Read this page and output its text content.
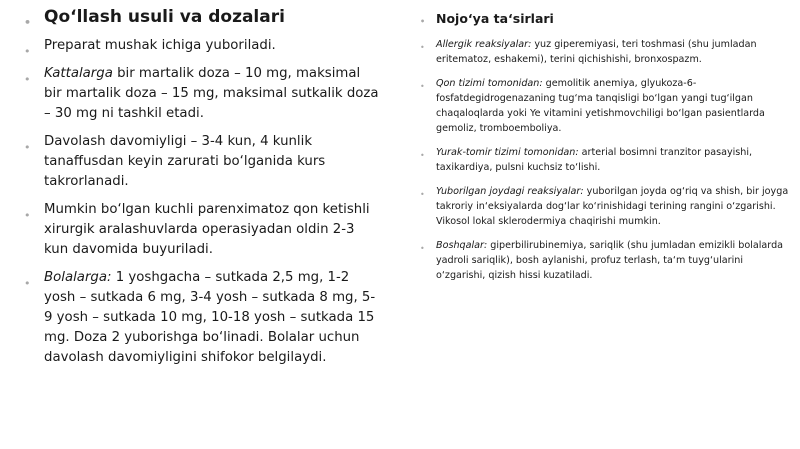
• Qo‘llash usuli va dozalari

• Preparat mushak ichiga yuboriladi.

• Kattalarga bir martalik doza – 10 mg, maksimal bir martalik doza – 15 mg, maksimal sutkalik doza – 30 mg ni tashkil etadi.

• Davolash davomiyligi – 3-4 kun, 4 kunlik tanaffusdan keyin zarurati bo‘lganida kurs takrorlanadi.

• Mumkin bo‘lgan kuchli parenximatoz qon ketishli xirurgik aralashuvlarda operasiyadan oldin 2-3 kun davomida buyuriladi.

• Bolalarga: 1 yoshgacha – sutkada 2,5 mg, 1-2 yosh – sutkada 6 mg, 3-4 yosh – sutkada 8 mg, 5-9 yosh – sutkada 10 mg, 10-18 yosh – sutkada 15 mg. Doza 2 yuborishga bo‘linadi. Bolalar uchun davolash davomiyligini shifokor belgilaydi.

• Nojo‘ya ta‘sirlari

• Allergik reaksiyalar: yuz giperemiyasi, teri toshmasi (shu jumladan eritematoz, eshakemi), terini qichishishi, bronxospazm.

• Qon tizimi tomonidan: gemolitik anemiya, glyukoza-6-fosfatdegidrogenazaning tug‘ma tanqisligi bo‘lgan yangi tug‘ilgan chaqaloqlarda yoki Ye vitamini yetishmovchiligi bo‘lgan pasientlarda gemoliz, tromboemboliya.

• Yurak-tomir tizimi tomonidan: arterial bosimni tranzitor pasayishi, taxikardiya, pulsni kuchsiz to‘lishi.

• Yuborilgan joydagi reaksiyalar: yuborilgan joyda og‘riq va shish, bir joyga takroriy in‘eksiyalarda dog‘lar ko‘rinishidagi terining rangini o‘zgarishi. Vikosol lokal sklerodermiya chaqirishi mumkin.

• Boshqalar: giperbilirubinemiya, sariqlik (shu jumladan emizikli bolalarda yadroli sariqlik), bosh aylanishi, profuz terlash, ta‘m tuyg‘ularini o‘zgarishi, qizish hissi kuzatiladi.
